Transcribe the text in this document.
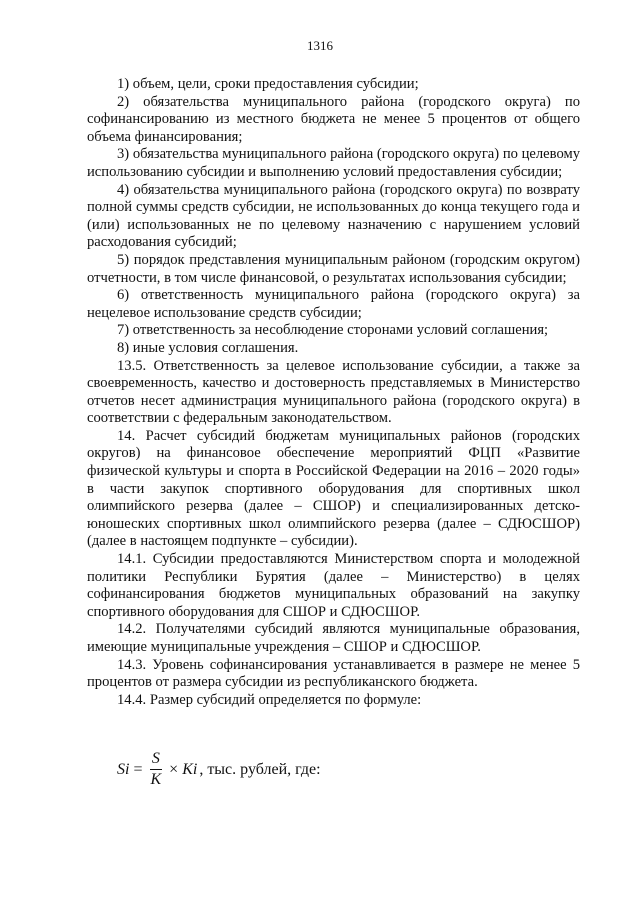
1316

1) объем, цели, сроки предоставления субсидии;

2) обязательства муниципального района (городского округа) по софинансированию из местного бюджета не менее 5 процентов от общего объема финансирования;

3) обязательства муниципального района (городского округа) по целевому использованию субсидии и выполнению условий предоставления субсидии;

4) обязательства муниципального района (городского округа) по возврату полной суммы средств субсидии, не использованных до конца текущего года и (или) использованных не по целевому назначению с нарушением условий расходования субсидий;

5) порядок представления муниципальным районом (городским округом) отчетности, в том числе финансовой, о результатах использования субсидии;

6) ответственность муниципального района (городского округа) за нецелевое использование средств субсидии;

7) ответственность за несоблюдение сторонами условий соглашения;

8) иные условия соглашения.

13.5. Ответственность за целевое использование субсидии, а также за своевременность, качество и достоверность представляемых в Министерство отчетов несет администрация муниципального района (городского округа) в соответствии с федеральным законодательством.

14. Расчет субсидий бюджетам муниципальных районов (городских округов) на финансовое обеспечение мероприятий ФЦП «Развитие физической культуры и спорта в Российской Федерации на 2016 – 2020 годы» в части закупок спортивного оборудования для спортивных школ олимпийского резерва (далее – СШОР) и специализированных детско-юношеских спортивных школ олимпийского резерва (далее – СДЮСШОР) (далее в настоящем подпункте – субсидии).

14.1. Субсидии предоставляются Министерством спорта и молодежной политики Республики Бурятия (далее – Министерство) в целях софинансирования бюджетов муниципальных образований на закупку спортивного оборудования для СШОР и СДЮСШОР.

14.2. Получателями субсидий являются муниципальные образования, имеющие муниципальные учреждения – СШОР и СДЮСШОР.

14.3. Уровень софинансирования устанавливается в размере не менее 5 процентов от размера субсидии из республиканского бюджета.

14.4. Размер субсидий определяется по формуле:

$Si = \frac{S}{K} \times Ki$ , тыс. рублей, где:
